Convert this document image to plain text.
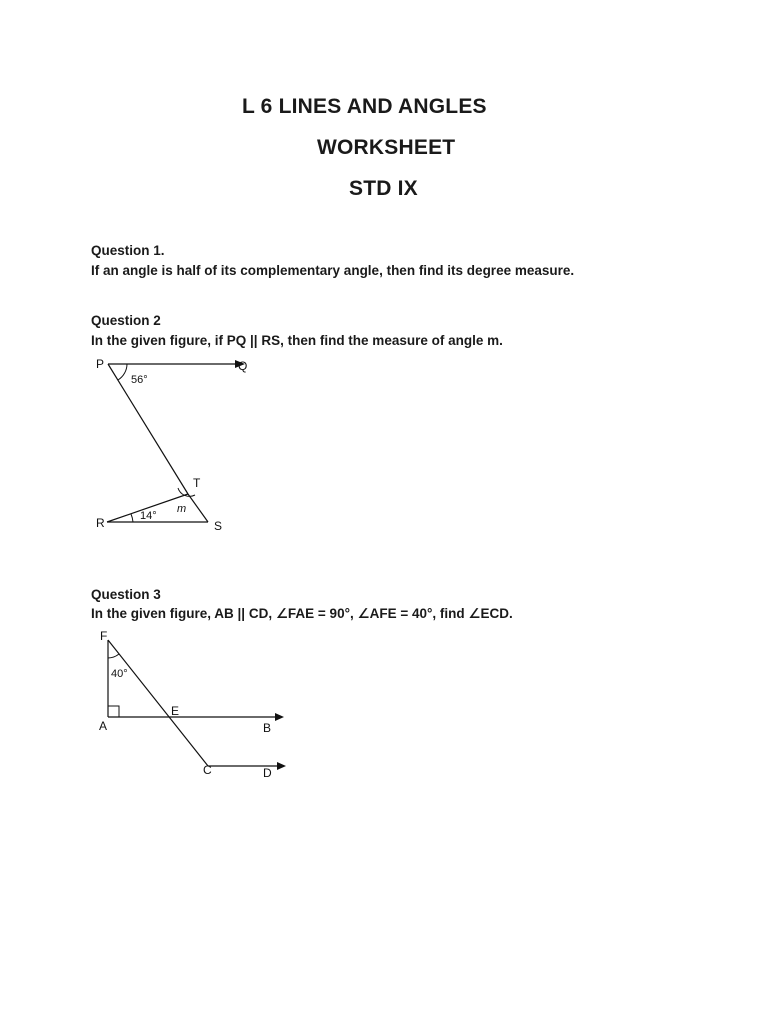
L 6 LINES AND ANGLES
WORKSHEET
STD IX
Question 1.
If an angle is half of its complementary angle, then find its degree measure.
Question 2
In the given figure, if PQ || RS, then find the measure of angle m.
P	Q
56°
T
m
14°
R	S
Question 3
In the given figure, AB || CD, ∠FAE = 90°, ∠AFE = 40°, find ∠ECD.
F
40°
A
E
B
C	D
